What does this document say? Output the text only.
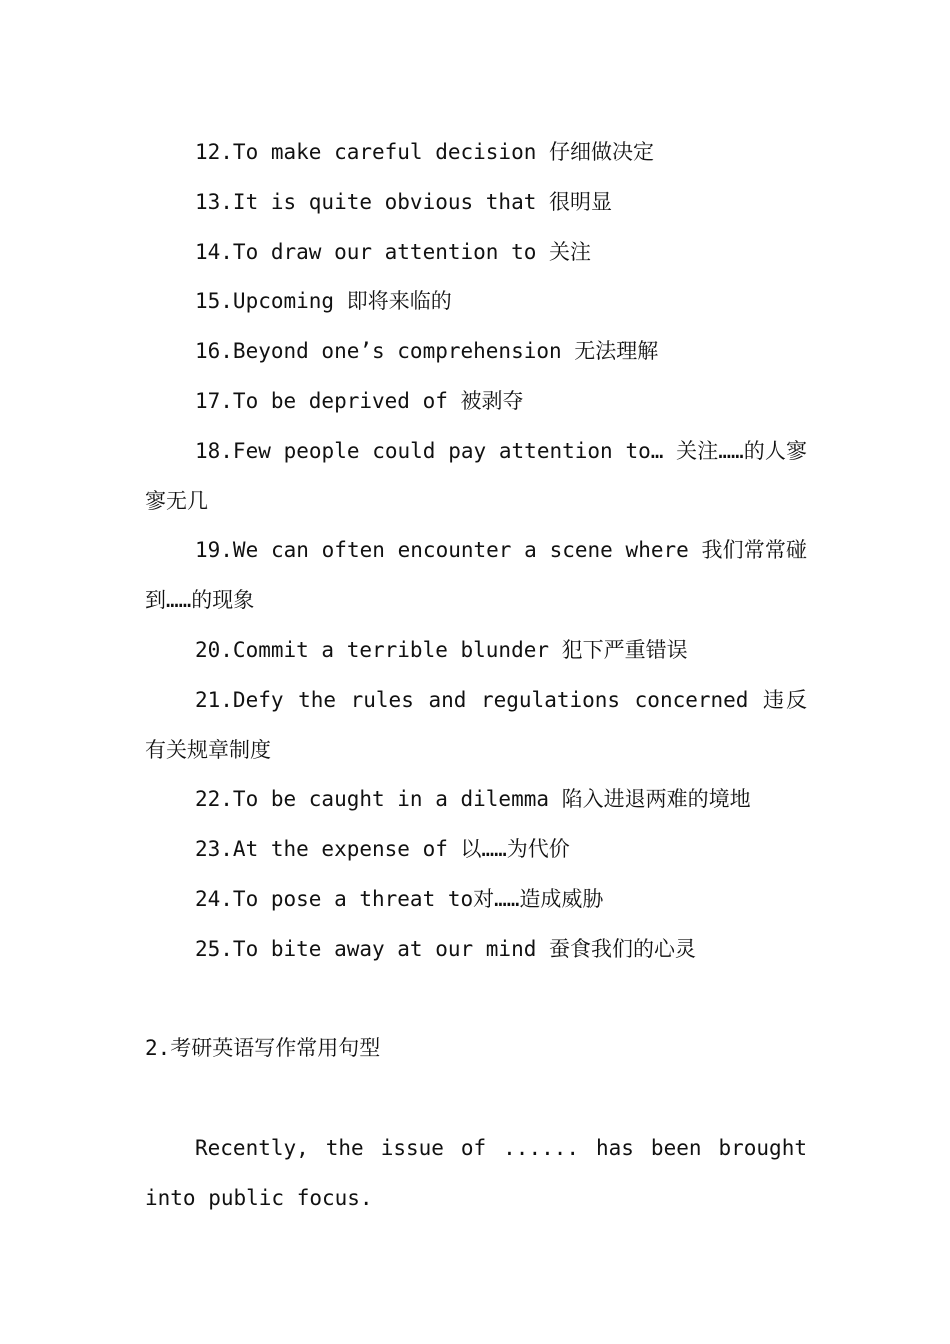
12.To make careful decision 仔细做决定
13.It is quite obvious that 很明显
14.To draw our attention to 关注
15.Upcoming 即将来临的
16.Beyond one’s comprehension 无法理解
17.To be deprived of 被剥夺
18.Few people could pay attention to… 关注……的人寥寥无几
19.We can often encounter a scene where 我们常常碰到……的现象
20.Commit a terrible blunder 犯下严重错误
21.Defy the rules and regulations concerned 违反有关规章制度
22.To be caught in a dilemma 陷入进退两难的境地
23.At the expense of 以……为代价
24.To pose a threat to对……造成威胁
25.To bite away at our mind 蚕食我们的心灵
2.考研英语写作常用句型
Recently, the issue of ...... has been brought into public focus.
